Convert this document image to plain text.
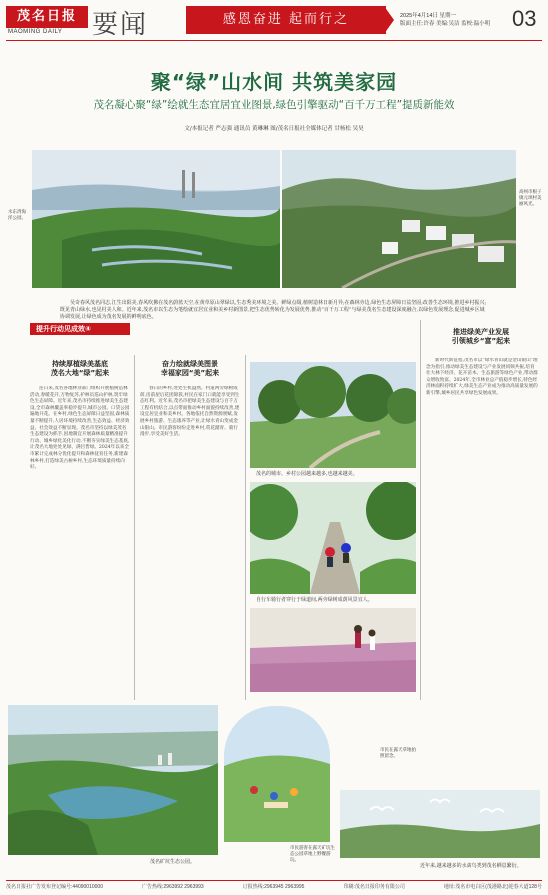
茂名日报
MAOMING DAILY 要闻	感恩奋进 起而行之	2025年4月14日 星期一
版面主任:许春 美编:吴洁 监校:温小明 03
聚“绿”山水间 共筑美家园
茂名凝心聚“绿”绘就生态宜居宜业图景,绿色引擎驱动“百千万工程”提质新能效
文/本报记者 严志强 通讯员 黄琳琳 图/茂名日报社全媒体记者 甘杨松 吴昊
水东湾海洋公园。
高州市根子镇元坝村美丽风光。
吴奇春风茂名同志,江生出阳美,春风吹拂在茂名蔚蓝天空,在黄草原山翠绿以,生态秀美环境之美、鲜绿点缀,植树造林日新月异;在森林旁边,绿色生态屏障日益坚固;改善生态环境,推进乡村振兴;既见青山绿水,也见村美人和。近年来,茂名市以生态为笔绘就宜居宜业和美乡村新图景,把生态优势转化为发展优势,推动“百千万工程”与绿美茂名生态建设深度融合,以绿色发展理念,促进城乡区域协调发展,让绿色成为茂名发展的鲜明底色。
提升行动见成效④
持续厚植绿美基底
茂名大地“绿”起来
连日来,茂名各地林业部门组织开展植树造林活动,春暖花开,万物复苏,护林员巡山护林,筑牢绿色生态屏障。近年来,茂名市持续推进绿美生态建设,全市森林覆盖率稳步提升,城市公园、口袋公园遍地开花。在乡村,绿色生态屏障日益坚固,森林质量不断提升,人居环境持续改善,生态效益、经济效益、社会效益不断显现。茂名市坚持以绿美茂名生态建设为抓手,因地制宜开展森林质量精准提升行动、城乡绿化美化行动,不断夯实绿美生态基底,让茂名大地处处见绿、满目皆绿。2024年以来全市累计完成林分优化提升和森林抚育任务,新建森林乡村,打造绿美古树乡村,生态环境质量持续向好。
奋力绘就绿美图景
幸福家园“美”起来
春日的乡村,处处生机盎然。村道两旁绿树成荫,房前屋后花团锦簇,村民在家门口就能享受到生态红利。近年来,茂名市把绿美生态建设与百千万工程有机结合,以点带面推动乡村面貌持续改善,建设宜居宜业和美乡村。各地依托自然资源禀赋,发展乡村旅游、生态康养等产业,让绿水青山变成金山银山。市民游客纷纷走进乡村,赏花踏青、骑行漫步,享受美好生活。
茂名的城市、乡村公园越来越多,也越来越美。
自行车骑行者穿行于绿道间,两旁绿树成荫风景宜人。
推进绿美产业发展
引领城乡“富”起来
新时代新征程,茂名市以“绿水青山就是金山银山”理念为指引,推动绿美生态建设与产业发展同频共振,培育壮大林下经济、花卉苗木、生态旅游等绿色产业,带动群众增收致富。2024年,全市林业总产值稳步增长,特色经济林面积持续扩大,绿美生态产业成为推动高质量发展的新引擎,城乡居民共享绿色发展成果。
茂名矿坑生态公园。
市民游客在露天矿坑生态公园草地上野餐游玩。
市民在露天草地拍照留念。
近年来,越来越多的水禽鸟类到茂名栖息繁衍。
茂名日报社广告发布登记编号:44090010000	广告热线:2963992 2963993	订报热线:2963945 2963995	印刷:茂名日报印务有限公司	地址:茂名市电白区(茂港路北)迎春大道128号
